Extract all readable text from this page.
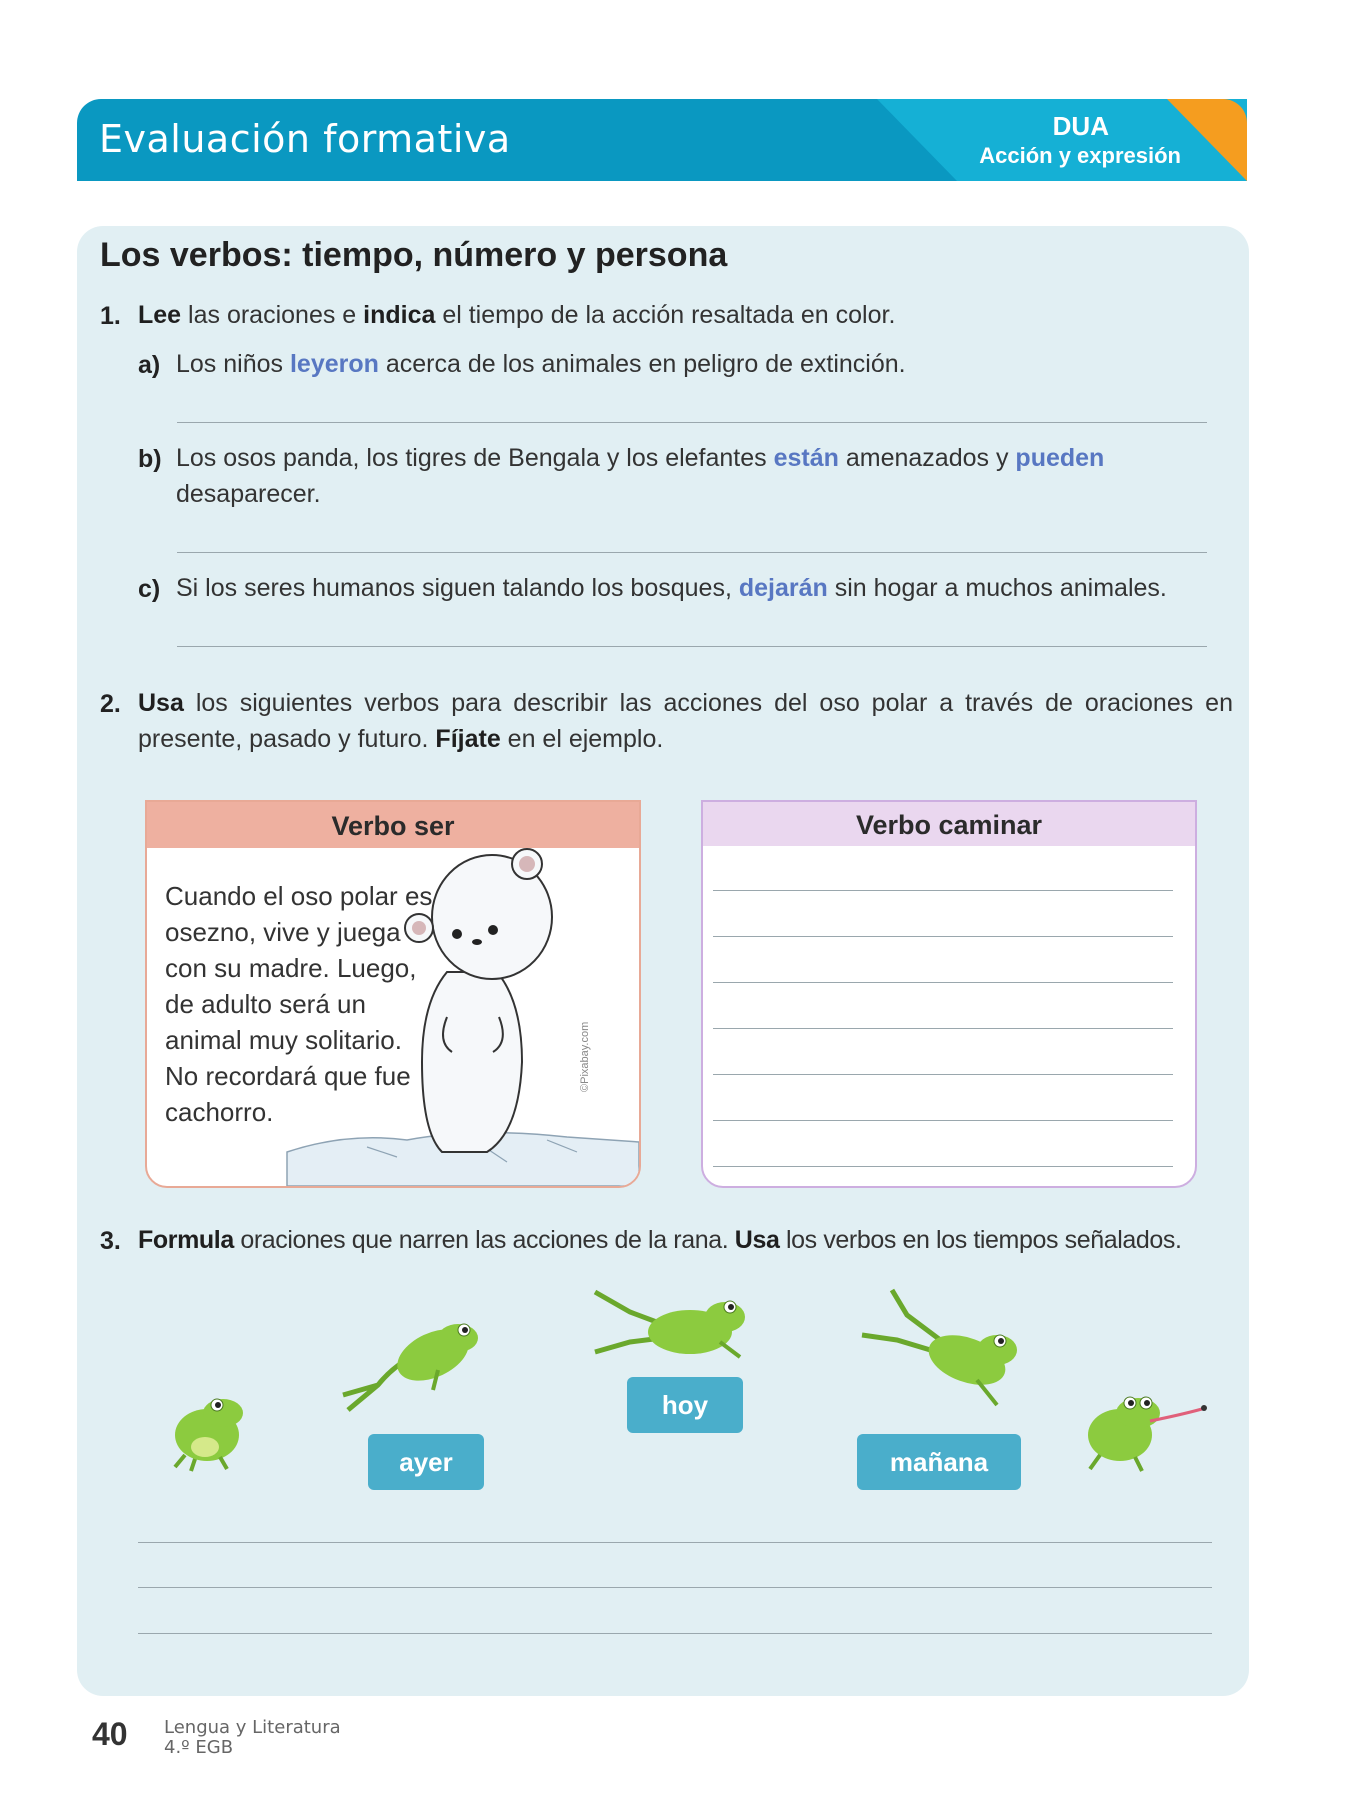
Evaluación formativa	DUA
Acción y expresión
Los verbos: tiempo, número y persona
1. Lee las oraciones e indica el tiempo de la acción resaltada en color.
a) Los niños leyeron acerca de los animales en peligro de extinción.
b) Los osos panda, los tigres de Bengala y los elefantes están amenazados y pueden desaparecer.
c) Si los seres humanos siguen talando los bosques, dejarán sin hogar a muchos animales.
2. Usa los siguientes verbos para describir las acciones del oso polar a través de oraciones en presente, pasado y futuro. Fíjate en el ejemplo.
Verbo ser
Cuando el oso polar es osezno, vive y juega con su madre. Luego, de adulto será un animal muy solitario. No recordará que fue cachorro.
©Pixabay.com
Verbo caminar
3. Formula oraciones que narren las acciones de la rana. Usa los verbos en los tiempos señalados.
ayer
hoy
mañana
40 Lengua y Literatura
4.º EGB
